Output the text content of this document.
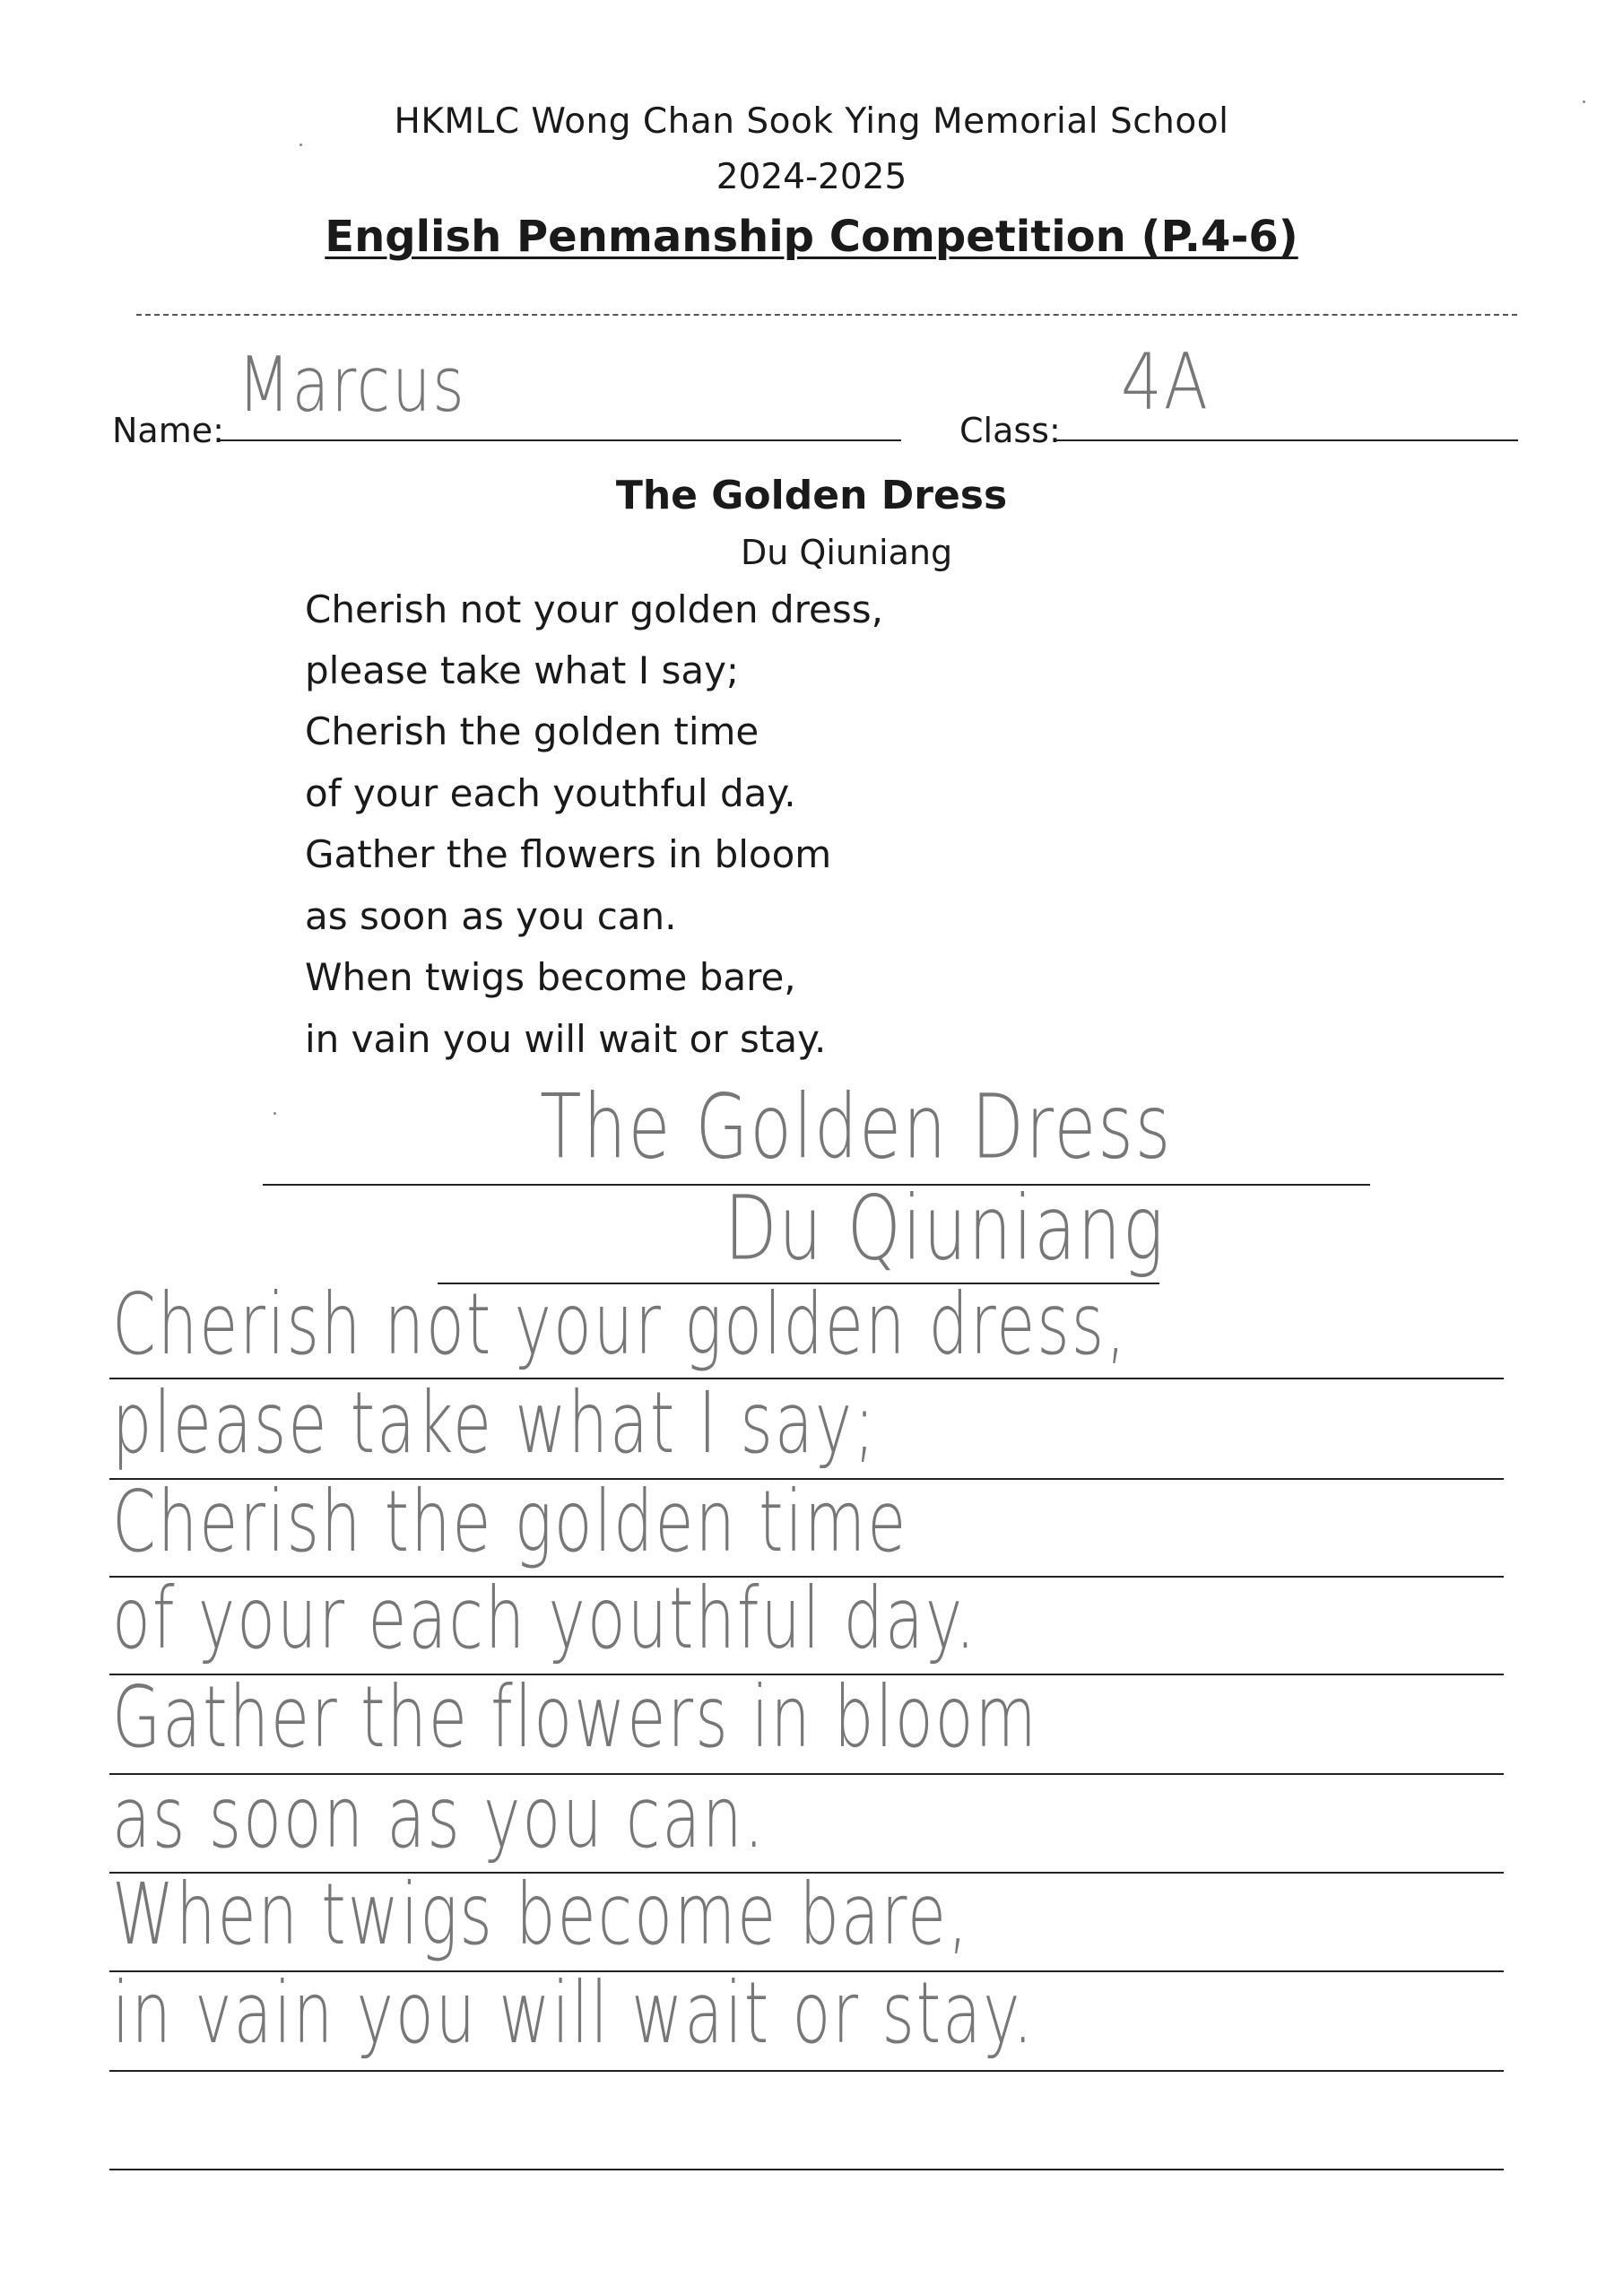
HKMLC Wong Chan Sook Ying Memorial School
2024-2025
English Penmanship Competition (P.4-6)
Name:
Marcus
Class:
4A
The Golden Dress
Du Qiuniang
Cherish not your golden dress,
please take what I say;
Cherish the golden time
of your each youthful day.
Gather the flowers in bloom
as soon as you can.
When twigs become bare,
in vain you will wait or stay.
The Golden Dress
Du Qiuniang
Cherish not your golden dress,
please take what I say;
Cherish the golden time
of your each youthful day.
Gather the flowers in bloom
as soon as you can.
When twigs become bare,
in vain you will wait or stay.
